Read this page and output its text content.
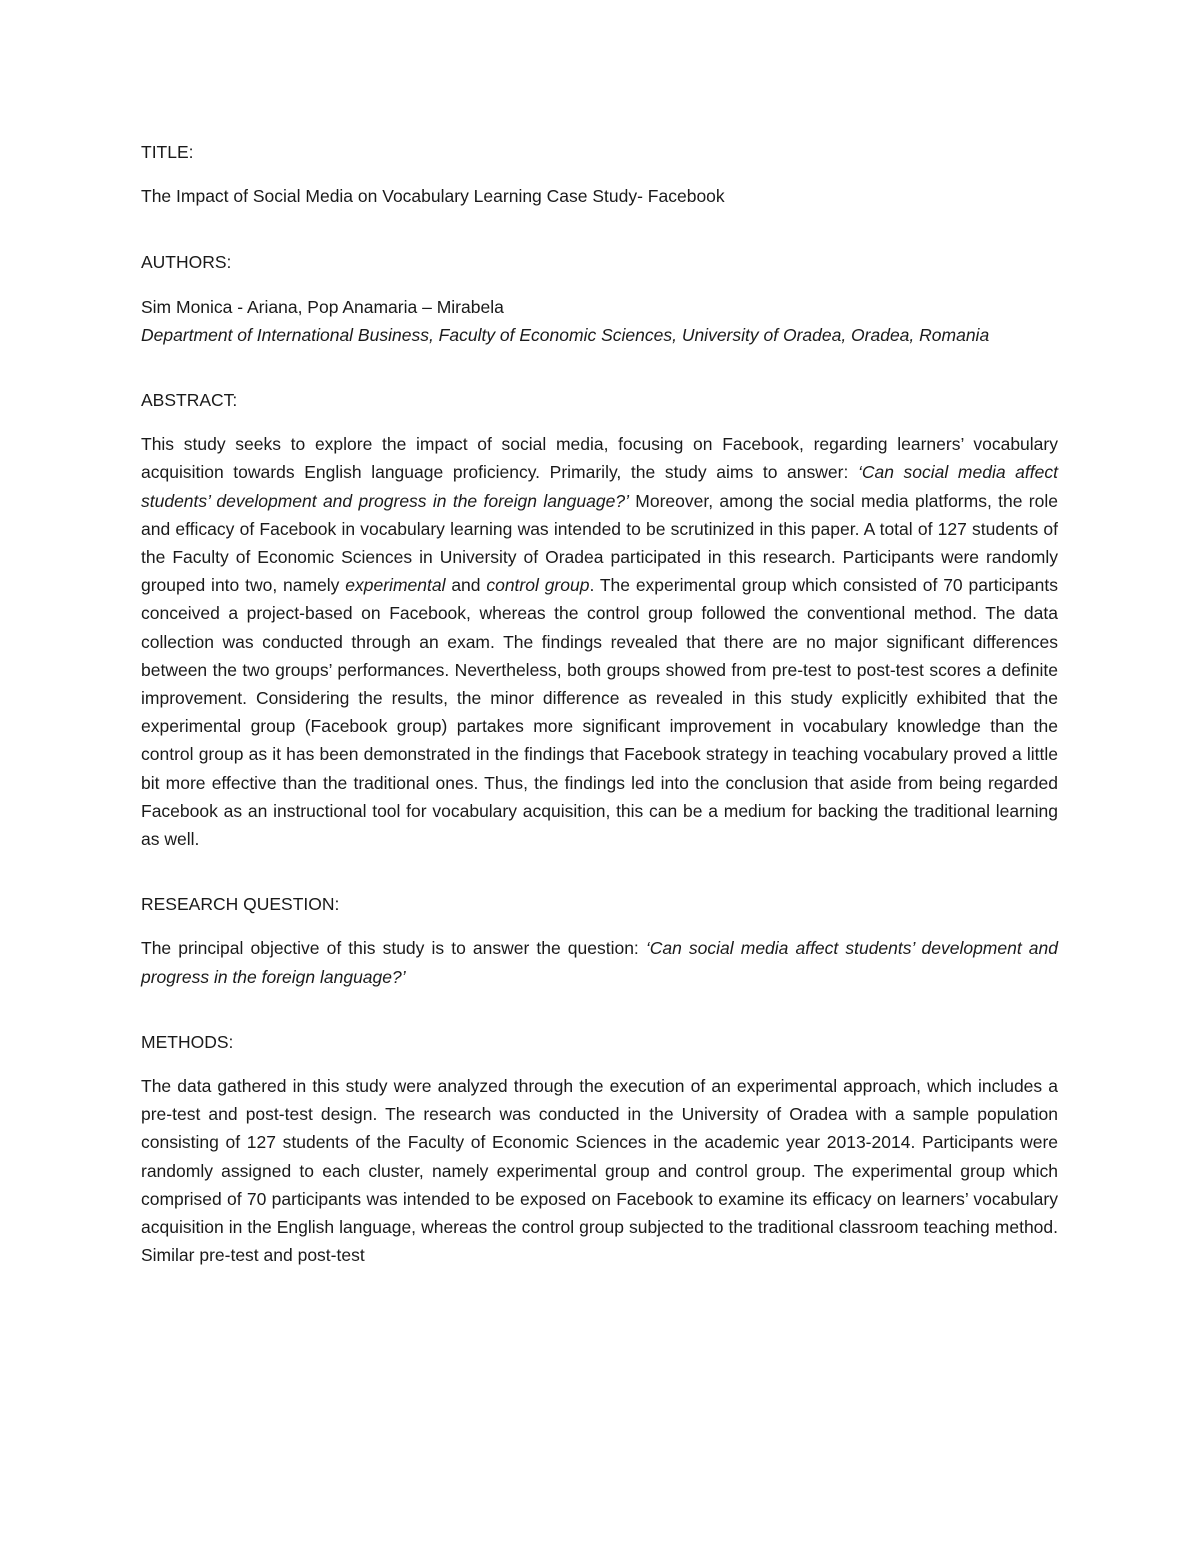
TITLE:

The Impact of Social Media on Vocabulary Learning Case Study- Facebook

AUTHORS:

Sim Monica - Ariana, Pop Anamaria – Mirabela

Department of International Business, Faculty of Economic Sciences, University of Oradea, Oradea, Romania

ABSTRACT:

This study seeks to explore the impact of social media, focusing on Facebook, regarding learners’ vocabulary acquisition towards English language proficiency. Primarily, the study aims to answer: ‘Can social media affect students’ development and progress in the foreign language?’ Moreover, among the social media platforms, the role and efficacy of Facebook in vocabulary learning was intended to be scrutinized in this paper. A total of 127 students of the Faculty of Economic Sciences in University of Oradea participated in this research. Participants were randomly grouped into two, namely experimental and control group. The experimental group which consisted of 70 participants conceived a project-based on Facebook, whereas the control group followed the conventional method. The data collection was conducted through an exam. The findings revealed that there are no major significant differences between the two groups’ performances. Nevertheless, both groups showed from pre-test to post-test scores a definite improvement. Considering the results, the minor difference as revealed in this study explicitly exhibited that the experimental group (Facebook group) partakes more significant improvement in vocabulary knowledge than the control group as it has been demonstrated in the findings that Facebook strategy in teaching vocabulary proved a little bit more effective than the traditional ones. Thus, the findings led into the conclusion that aside from being regarded Facebook as an instructional tool for vocabulary acquisition, this can be a medium for backing the traditional learning as well.

RESEARCH QUESTION:

The principal objective of this study is to answer the question: ‘Can social media affect students’ development and progress in the foreign language?’

METHODS:

The data gathered in this study were analyzed through the execution of an experimental approach, which includes a pre-test and post-test design. The research was conducted in the University of Oradea with a sample population consisting of 127 students of the Faculty of Economic Sciences in the academic year 2013-2014. Participants were randomly assigned to each cluster, namely experimental group and control group. The experimental group which comprised of 70 participants was intended to be exposed on Facebook to examine its efficacy on learners’ vocabulary acquisition in the English language, whereas the control group subjected to the traditional classroom teaching method. Similar pre-test and post-test
